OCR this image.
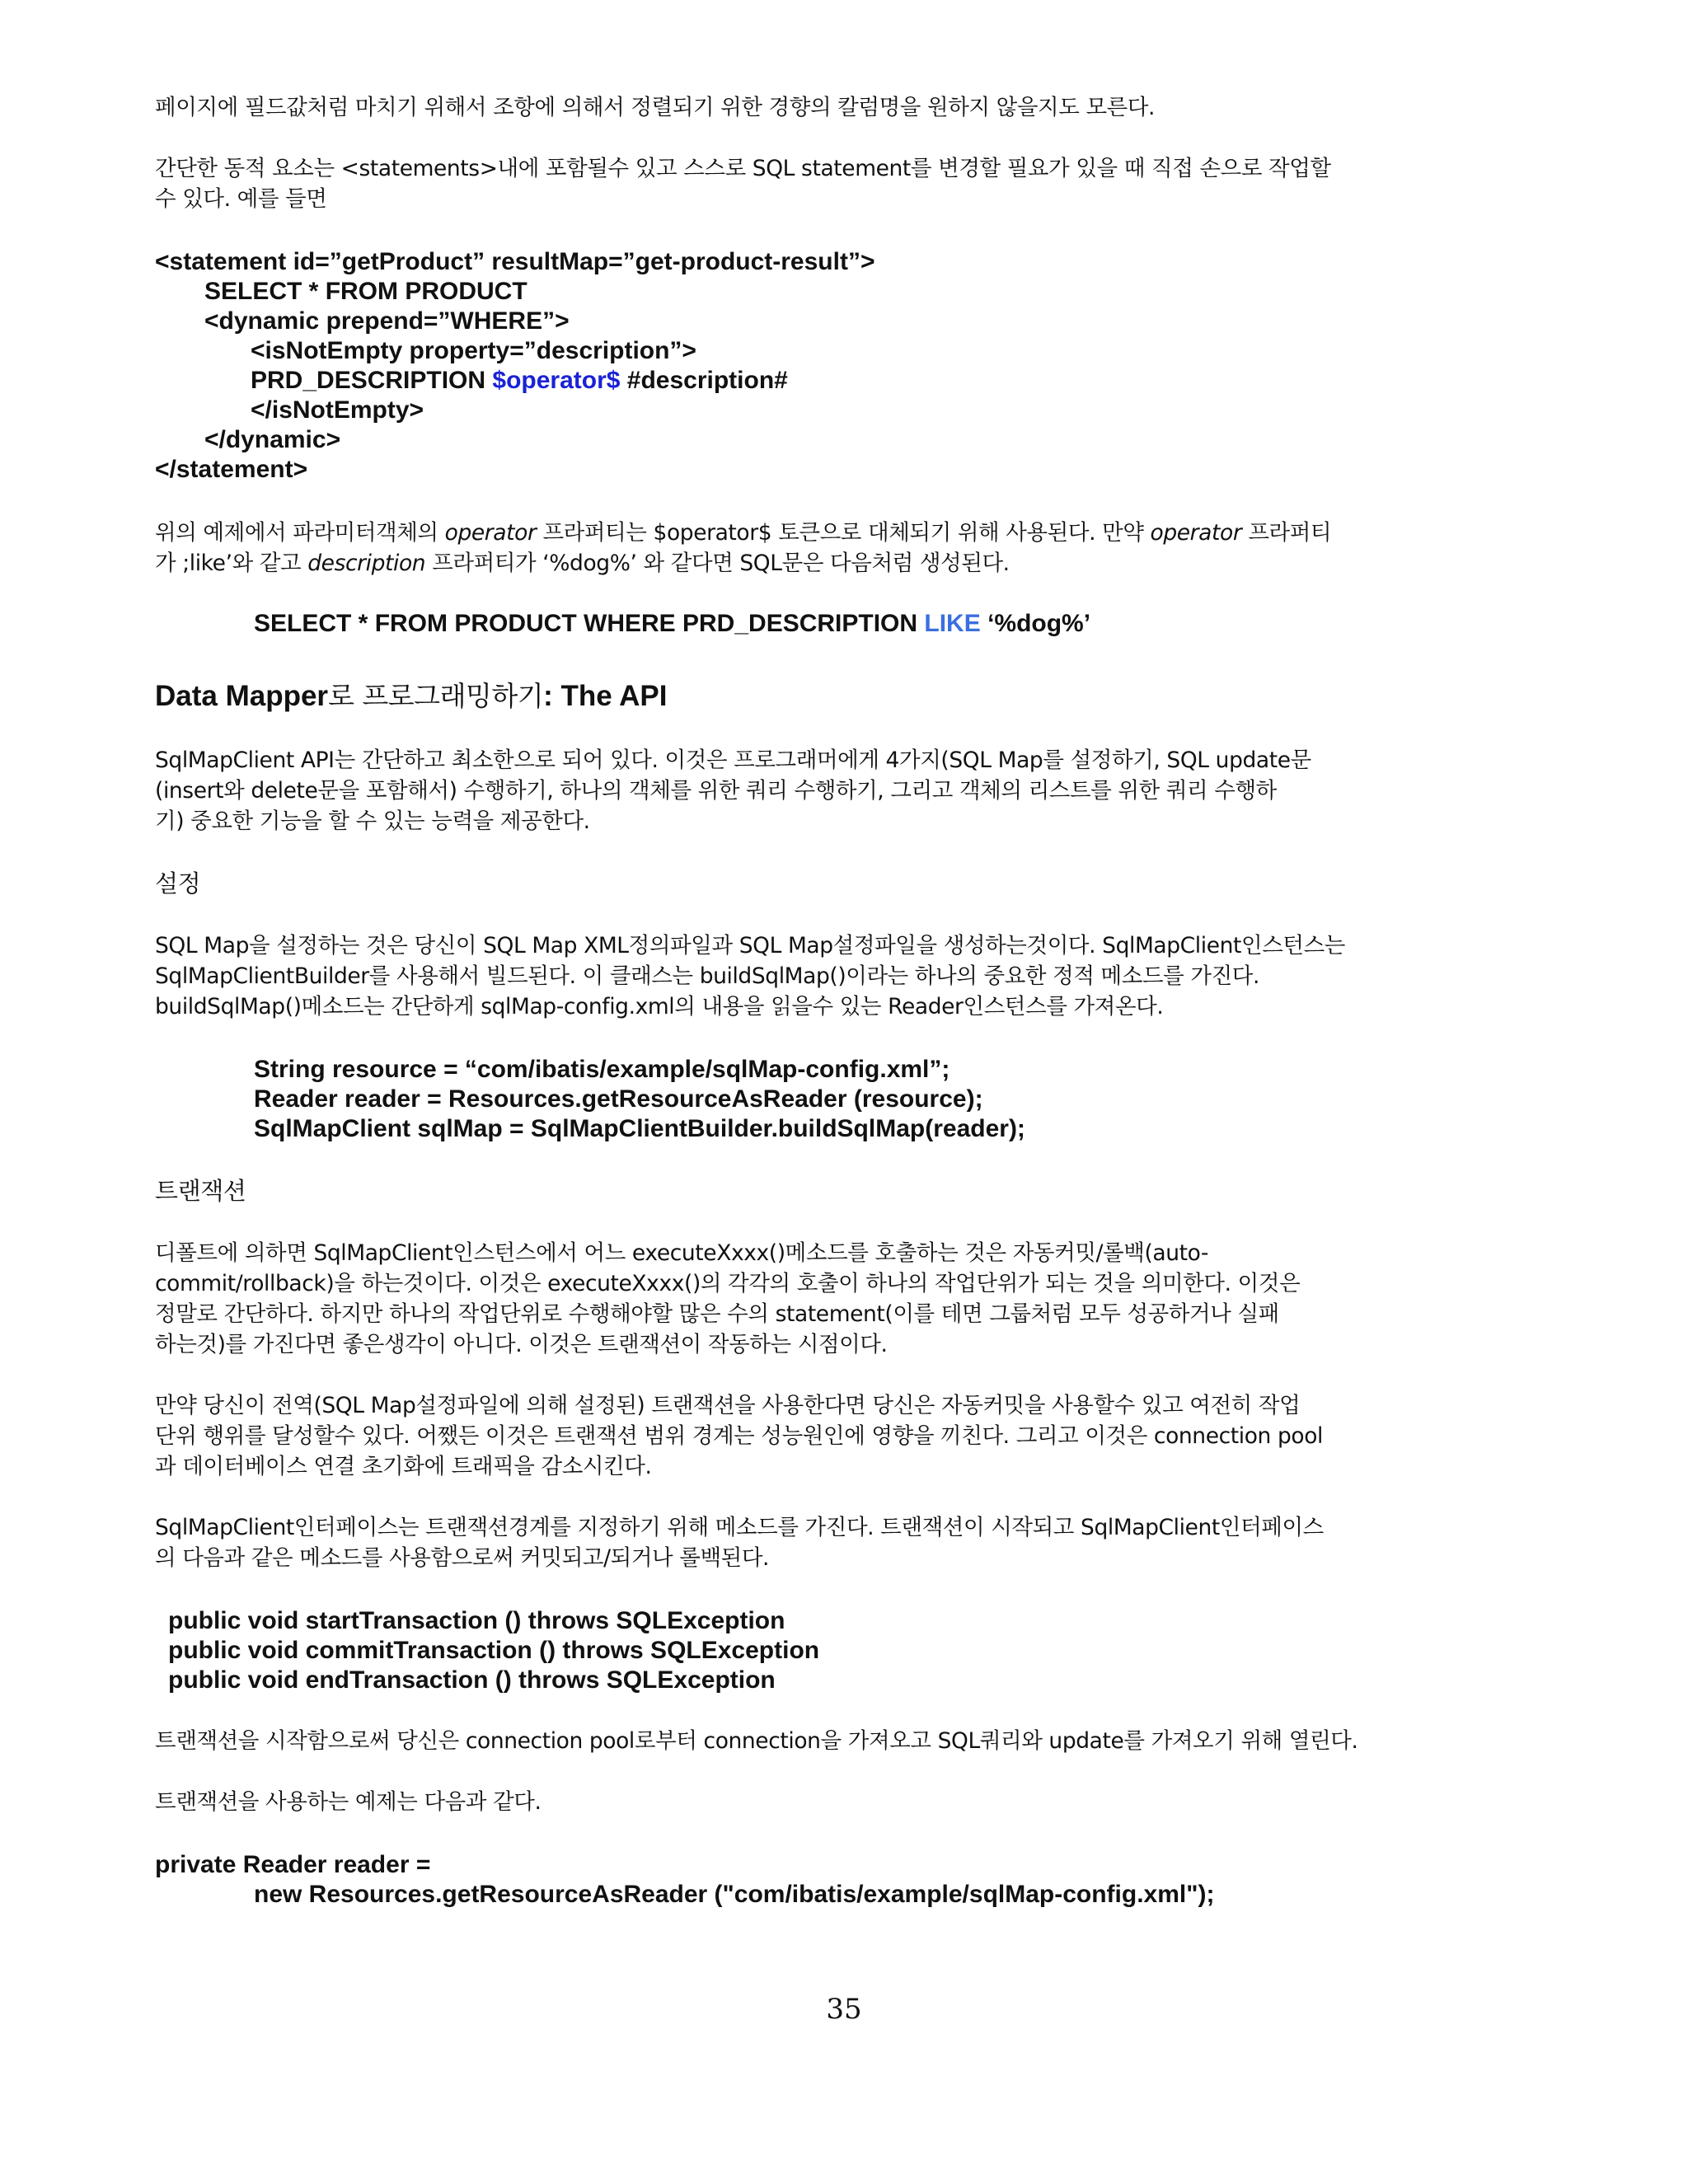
페이지에 필드값처럼 마치기 위해서 조항에 의해서 정렬되기 위한 경향의 칼럼명을 원하지 않을지도 모른다.

간단한 동적 요소는 <statements>내에 포함될수 있고 스스로 SQL statement를 변경할 필요가 있을 때 직접 손으로 작업할

수 있다. 예를 들면

<statement id=”getProduct” resultMap=”get-product-result”>
SELECT * FROM PRODUCT
<dynamic prepend=”WHERE”>
<isNotEmpty property=”description”>
PRD_DESCRIPTION $operator$ #description#
</isNotEmpty>
</dynamic>
</statement>

위의 예제에서 파라미터객체의 operator 프라퍼티는 $operator$ 토큰으로 대체되기 위해 사용된다. 만약 operator 프라퍼티

가 ;like’와 같고 description 프라퍼티가 ‘%dog%’ 와 같다면 SQL문은 다음처럼 생성된다.

SELECT * FROM PRODUCT WHERE PRD_DESCRIPTION LIKE ‘%dog%’
Data Mapper로 프로그래밍하기: The API

SqlMapClient API는 간단하고 최소한으로 되어 있다. 이것은 프로그래머에게 4가지(SQL Map를 설정하기, SQL update문

(insert와 delete문을 포함해서) 수행하기, 하나의 객체를 위한 쿼리 수행하기, 그리고 객체의 리스트를 위한 쿼리 수행하

기) 중요한 기능을 할 수 있는 능력을 제공한다.

설정

SQL Map을 설정하는 것은 당신이 SQL Map XML정의파일과 SQL Map설정파일을 생성하는것이다. SqlMapClient인스턴스는

SqlMapClientBuilder를 사용해서 빌드된다. 이 클래스는 buildSqlMap()이라는 하나의 중요한 정적 메소드를 가진다.

buildSqlMap()메소드는 간단하게 sqlMap-config.xml의 내용을 읽을수 있는 Reader인스턴스를 가져온다.

String resource = “com/ibatis/example/sqlMap-config.xml”;
Reader reader = Resources.getResourceAsReader (resource);
SqlMapClient sqlMap = SqlMapClientBuilder.buildSqlMap(reader);

트랜잭션

디폴트에 의하면 SqlMapClient인스턴스에서 어느 executeXxxx()메소드를 호출하는 것은 자동커밋/롤백(auto-

commit/rollback)을 하는것이다. 이것은 executeXxxx()의 각각의 호출이 하나의 작업단위가 되는 것을 의미한다. 이것은

정말로 간단하다. 하지만 하나의 작업단위로 수행해야할 많은 수의 statement(이를 테면 그룹처럼 모두 성공하거나 실패

하는것)를 가진다면 좋은생각이 아니다. 이것은 트랜잭션이 작동하는 시점이다.

만약 당신이 전역(SQL Map설정파일에 의해 설정된) 트랜잭션을 사용한다면 당신은 자동커밋을 사용할수 있고 여전히 작업

단위 행위를 달성할수 있다. 어쨌든 이것은 트랜잭션 범위 경계는 성능원인에 영향을 끼친다. 그리고 이것은 connection pool

과 데이터베이스 연결 초기화에 트래픽을 감소시킨다.

SqlMapClient인터페이스는 트랜잭션경계를 지정하기 위해 메소드를 가진다. 트랜잭션이 시작되고 SqlMapClient인터페이스

의 다음과 같은 메소드를 사용함으로써 커밋되고/되거나 롤백된다.

public void startTransaction () throws SQLException
public void commitTransaction () throws SQLException
public void endTransaction () throws SQLException

트랜잭션을 시작함으로써 당신은 connection pool로부터 connection을 가져오고 SQL쿼리와 update를 가져오기 위해 열린다.

트랜잭션을 사용하는 예제는 다음과 같다.

private Reader reader =
new Resources.getResourceAsReader ("com/ibatis/example/sqlMap-config.xml");
35
